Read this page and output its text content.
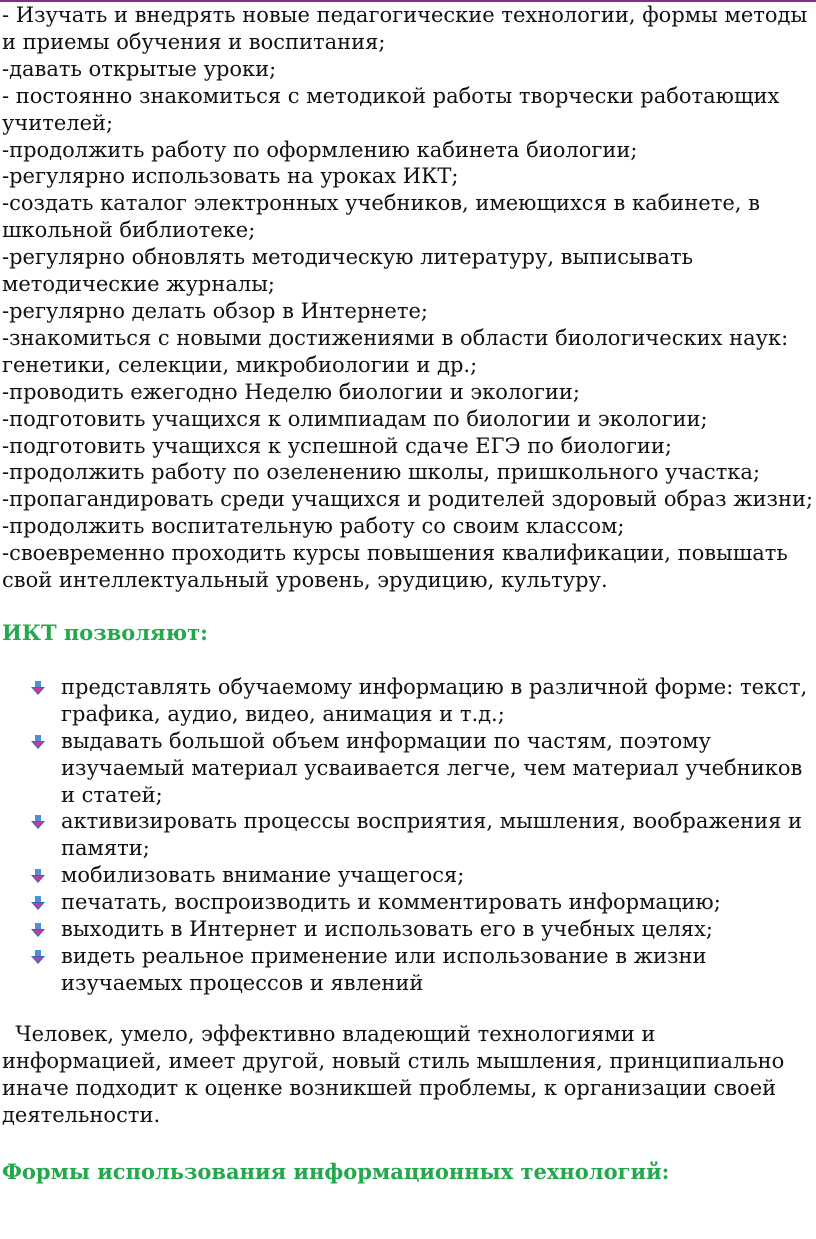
- Изучать и внедрять новые педагогические технологии, формы методы и приемы обучения и воспитания;

-давать открытые уроки;

- постоянно знакомиться с методикой работы творчески работающих учителей;

-продолжить работу по оформлению кабинета биологии;

-регулярно использовать на уроках ИКТ;

-создать каталог электронных учебников, имеющихся в кабинете, в школьной библиотеке;

-регулярно обновлять методическую литературу, выписывать методические журналы;

-регулярно делать обзор в Интернете;

-знакомиться с новыми достижениями в области биологических наук: генетики, селекции, микробиологии и др.;

-проводить ежегодно Неделю биологии и экологии;

-подготовить учащихся к олимпиадам по биологии и экологии;

-подготовить учащихся к успешной сдаче ЕГЭ по биологии;

-продолжить работу по озеленению школы, пришкольного участка;

-пропагандировать среди учащихся и родителей здоровый образ жизни;

-продолжить воспитательную работу со своим классом;

-своевременно проходить курсы повышения квалификации, повышать свой интеллектуальный уровень, эрудицию, культуру.

ИКТ позволяют:
представлять обучаемому информацию в различной форме: текст, графика, аудио, видео, анимация и т.д.;
выдавать большой объем информации по частям, поэтому изучаемый материал усваивается легче, чем материал учебников и статей;
активизировать процессы восприятия, мышления, воображения и памяти;
мобилизовать внимание учащегося;
печатать, воспроизводить и комментировать информацию;
выходить в Интернет и использовать его в учебных целях;
видеть реальное применение или использование в жизни изучаемых процессов и явлений

Человек, умело, эффективно владеющий технологиями и информацией, имеет другой, новый стиль мышления, принципиально иначе подходит к оценке возникшей проблемы, к организации своей деятельности.

Формы использования информационных технологий:
